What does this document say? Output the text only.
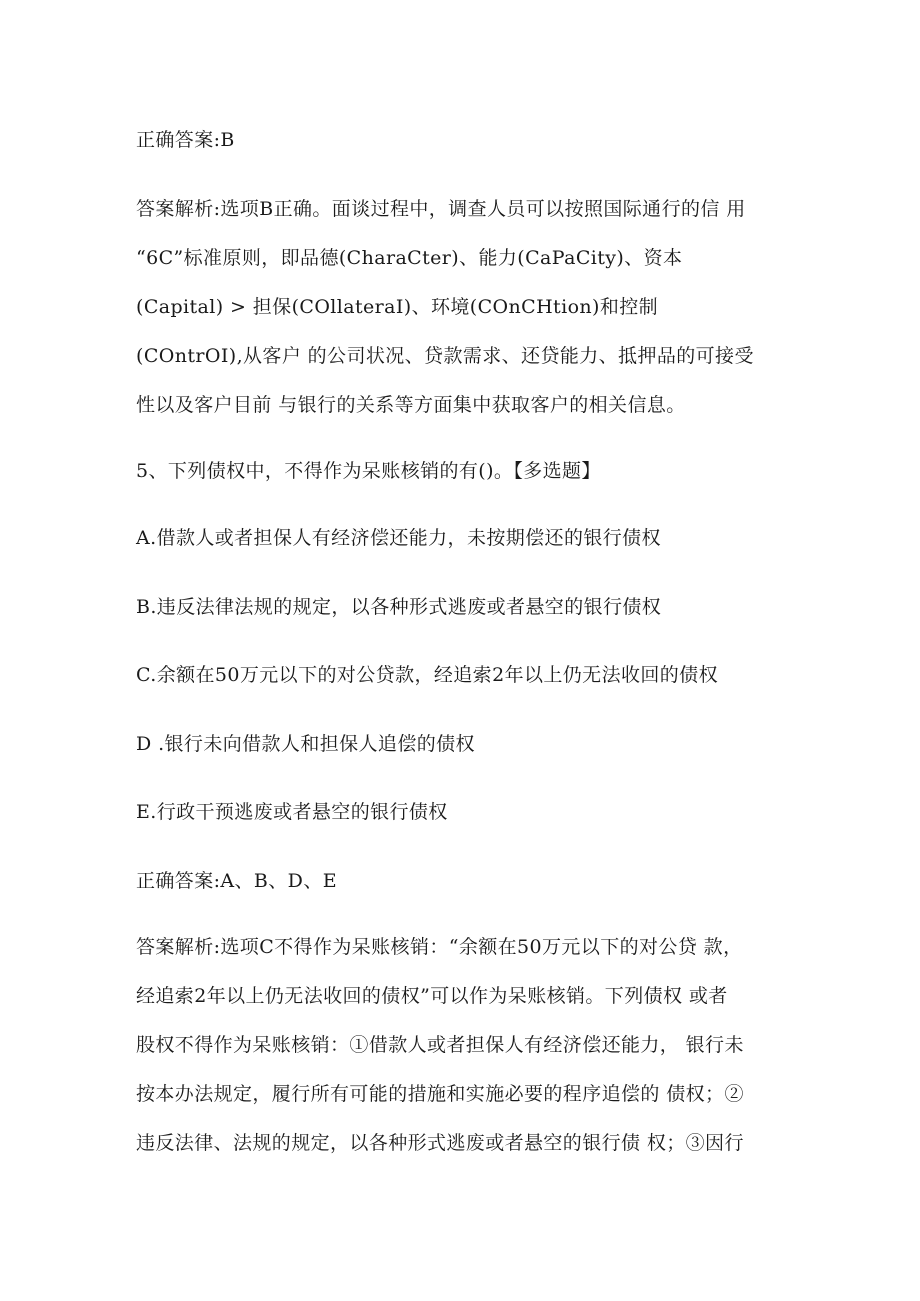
正确答案:B
答案解析:选项B正确。面谈过程中，调查人员可以按照国际通行的信 用
“6C”标准原则，即品德(CharaCter)、能力(CaPaCity)、资本
(Capital) > 担保(COllateraI)、环境(COnCHtion)和控制
(COntrOI),从客户 的公司状况、贷款需求、还贷能力、抵押品的可接受
性以及客户目前 与银行的关系等方面集中获取客户的相关信息。
5、下列债权中，不得作为呆账核销的有()。【多选题】
A.借款人或者担保人有经济偿还能力，未按期偿还的银行债权
B.违反法律法规的规定，以各种形式逃废或者悬空的银行债权
C.余额在50万元以下的对公贷款，经追索2年以上仍无法收回的债权
D .银行未向借款人和担保人追偿的债权
E.行政干预逃废或者悬空的银行债权
正确答案:A、B、D、E
答案解析:选项C不得作为呆账核销：“余额在50万元以下的对公贷 款，
经追索2年以上仍无法收回的债权”可以作为呆账核销。下列债权 或者
股权不得作为呆账核销：①借款人或者担保人有经济偿还能力， 银行未
按本办法规定，履行所有可能的措施和实施必要的程序追偿的 债权；②
违反法律、法规的规定，以各种形式逃废或者悬空的银行债 权；③因行
